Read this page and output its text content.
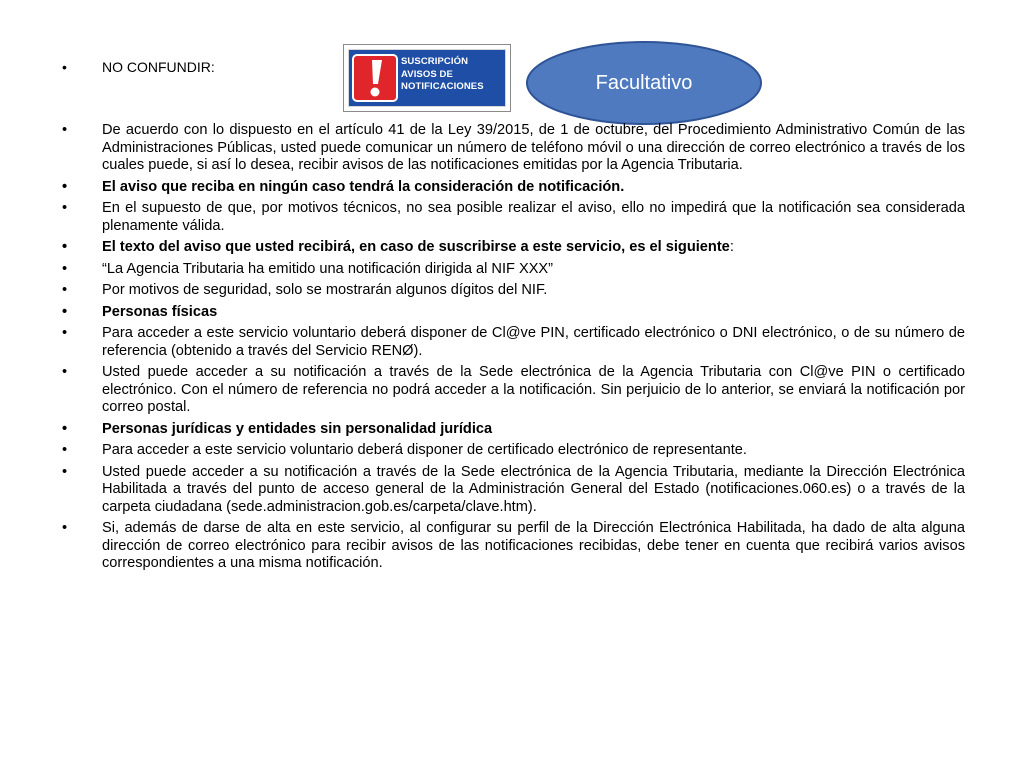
•	NO CONFUNDIR:	SUSCRIPCIÓN
AVISOS DE
NOTIFICACIONES	Facultativo
• De acuerdo con lo dispuesto en el artículo 41 de la Ley 39/2015, de 1 de octubre, del Procedimiento Administrativo Común de las Administraciones Públicas, usted puede comunicar un número de teléfono móvil o una dirección de correo electrónico a través de los cuales puede, si así lo desea, recibir avisos de las notificaciones emitidas por la Agencia Tributaria.
• El aviso que reciba en ningún caso tendrá la consideración de notificación.
• En el supuesto de que, por motivos técnicos, no sea posible realizar el aviso, ello no impedirá que la notificación sea considerada plenamente válida.
• El texto del aviso que usted recibirá, en caso de suscribirse a este servicio, es el siguiente:
• “La Agencia Tributaria ha emitido una notificación dirigida al NIF XXX”
• Por motivos de seguridad, solo se mostrarán algunos dígitos del NIF.
• Personas físicas
• Para acceder a este servicio voluntario deberá disponer de Cl@ve PIN, certificado electrónico o DNI electrónico, o de su número de referencia (obtenido a través del Servicio RENØ).
• Usted puede acceder a su notificación a través de la Sede electrónica de la Agencia Tributaria con Cl@ve PIN o certificado electrónico. Con el número de referencia no podrá acceder a la notificación. Sin perjuicio de lo anterior, se enviará la notificación por correo postal.
• Personas jurídicas y entidades sin personalidad jurídica
• Para acceder a este servicio voluntario deberá disponer de certificado electrónico de representante.
• Usted puede acceder a su notificación a través de la Sede electrónica de la Agencia Tributaria, mediante la Dirección Electrónica Habilitada a través del punto de acceso general de la Administración General del Estado (notificaciones.060.es) o a través de la carpeta ciudadana (sede.administracion.gob.es/carpeta/clave.htm).
• Si, además de darse de alta en este servicio, al configurar su perfil de la Dirección Electrónica Habilitada, ha dado de alta alguna dirección de correo electrónico para recibir avisos de las notificaciones recibidas, debe tener en cuenta que recibirá varios avisos correspondientes a una misma notificación.
